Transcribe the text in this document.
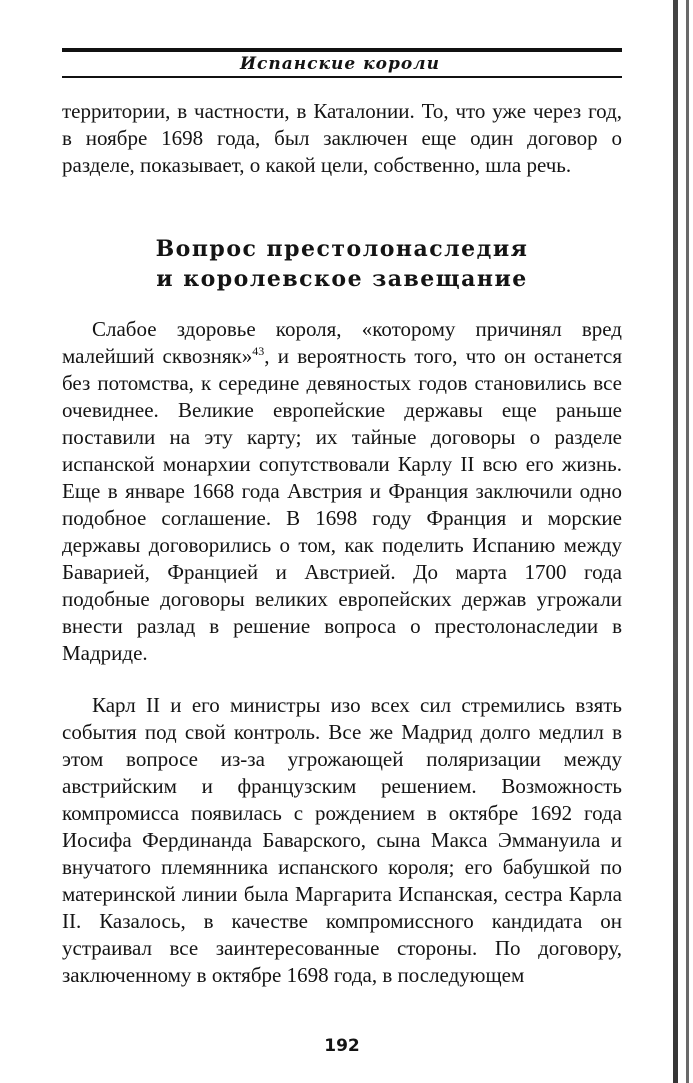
Испанские короли
территории, в частности, в Каталонии. То, что уже через год, в ноябре 1698 года, был заключен еще один договор о разделе, показывает, о какой цели, собственно, шла речь.
Вопрос престолонаследия
и королевское завещание
Слабое здоровье короля, «которому причинял вред малейший сквозняк»$^{43}$, и вероятность того, что он останется без потомства, к середине девяностых годов становились все очевиднее. Великие европейские державы еще раньше поставили на эту карту; их тайные договоры о разделе испанской монархии сопутствовали Карлу II всю его жизнь. Еще в январе 1668 года Австрия и Франция заключили одно подобное соглашение. В 1698 году Франция и морские державы договорились о том, как поделить Испанию между Баварией, Францией и Австрией. До марта 1700 года подобные договоры великих европейских держав угрожали внести разлад в решение вопроса о престолонаследии в Мадриде.
Карл II и его министры изо всех сил стремились взять события под свой контроль. Все же Мадрид долго медлил в этом вопросе из-за угрожающей поляризации между австрийским и французским решением. Возможность компромисса появилась с рождением в октябре 1692 года Иосифа Фердинанда Баварского, сына Макса Эммануила и внучатого племянника испанского короля; его бабушкой по материнской линии была Маргарита Испанская, сестра Карла II. Казалось, в качестве компромиссного кандидата он устраивал все заинтересованные стороны. По договору, заключенному в октябре 1698 года, в последующем
192
